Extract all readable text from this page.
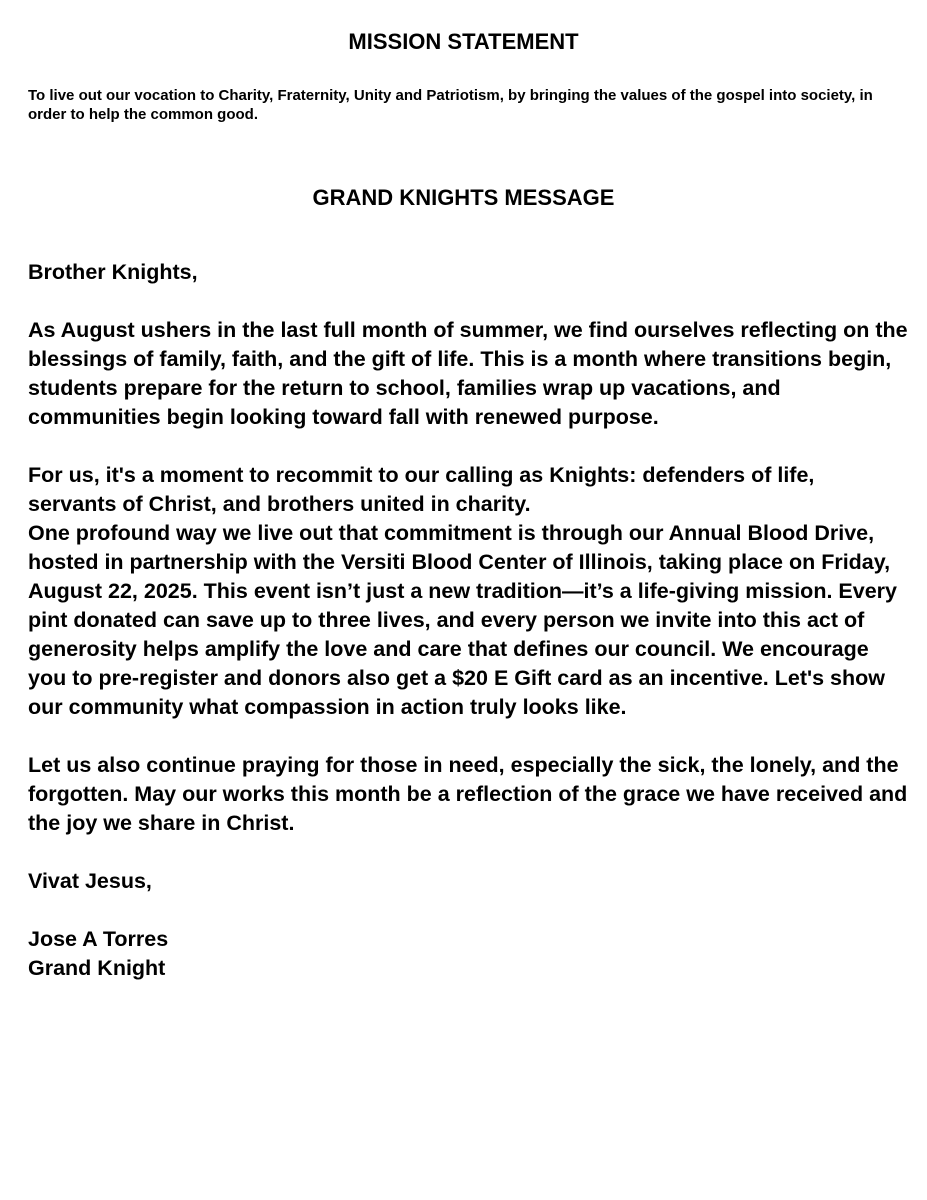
MISSION STATEMENT

To live out our vocation to Charity, Fraternity, Unity and Patriotism, by bringing the values of the gospel into society, in order to help the common good.

GRAND KNIGHTS MESSAGE

Brother Knights,

As August ushers in the last full month of summer, we find ourselves reflecting on the blessings of family, faith, and the gift of life. This is a month where transitions begin, students prepare for the return to school, families wrap up vacations, and communities begin looking toward fall with renewed purpose.

For us, it's a moment to recommit to our calling as Knights: defenders of life, servants of Christ, and brothers united in charity.

One profound way we live out that commitment is through our Annual Blood Drive, hosted in partnership with the Versiti Blood Center of Illinois, taking place on Friday, August 22, 2025. This event isn’t just a new tradition—it’s a life-giving mission. Every pint donated can save up to three lives, and every person we invite into this act of generosity helps amplify the love and care that defines our council. We encourage you to pre-register and donors also get a $20 E Gift card as an incentive. Let's show our community what compassion in action truly looks like.

Let us also continue praying for those in need, especially the sick, the lonely, and the forgotten. May our works this month be a reflection of the grace we have received and the joy we share in Christ.

Vivat Jesus,

Jose A Torres

Grand Knight
